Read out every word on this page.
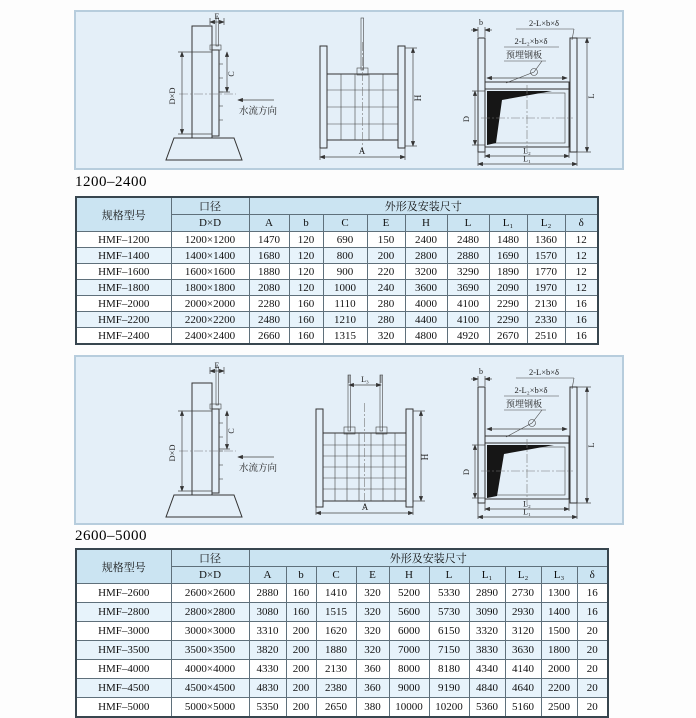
E
D×D
C
水流方向
H
A
2-L×b×δ
2-L₂×b×δ
预埋钢板
b
D
L
L₂
L₁
1200–2400
规格型号	口径	外形及安装尺寸								
	D×D	A	b	C	E	H	L	L₁	L₂	δ
HMF–1200	1200×1200	1470	120	690	150	2400	2480	1480	1360	12
HMF–1400	1400×1400	1680	120	800	200	2800	2880	1690	1570	12
HMF–1600	1600×1600	1880	120	900	220	3200	3290	1890	1770	12
HMF–1800	1800×1800	2080	120	1000	240	3600	3690	2090	1970	12
HMF–2000	2000×2000	2280	160	1110	280	4000	4100	2290	2130	16
HMF–2200	2200×2200	2480	160	1210	280	4400	4100	2290	2330	16
HMF–2400	2400×2400	2660	160	1315	320	4800	4920	2670	2510	16
E
D×D
C
水流方向
L₃
H
A
2-L×b×δ
2-L₂×b×δ
预埋钢板
b
D
L
L₂
L₁
2600–5000
规格型号	口径	外形及安装尺寸									
	D×D	A	b	C	E	H	L	L₁	L₂	L₃	δ
HMF–2600	2600×2600	2880	160	1410	320	5200	5330	2890	2730	1300	16
HMF–2800	2800×2800	3080	160	1515	320	5600	5730	3090	2930	1400	16
HMF–3000	3000×3000	3310	200	1620	320	6000	6150	3320	3120	1500	20
HMF–3500	3500×3500	3820	200	1880	320	7000	7150	3830	3630	1800	20
HMF–4000	4000×4000	4330	200	2130	360	8000	8180	4340	4140	2000	20
HMF–4500	4500×4500	4830	200	2380	360	9000	9190	4840	4640	2200	20
HMF–5000	5000×5000	5350	200	2650	380	10000	10200	5360	5160	2500	20
